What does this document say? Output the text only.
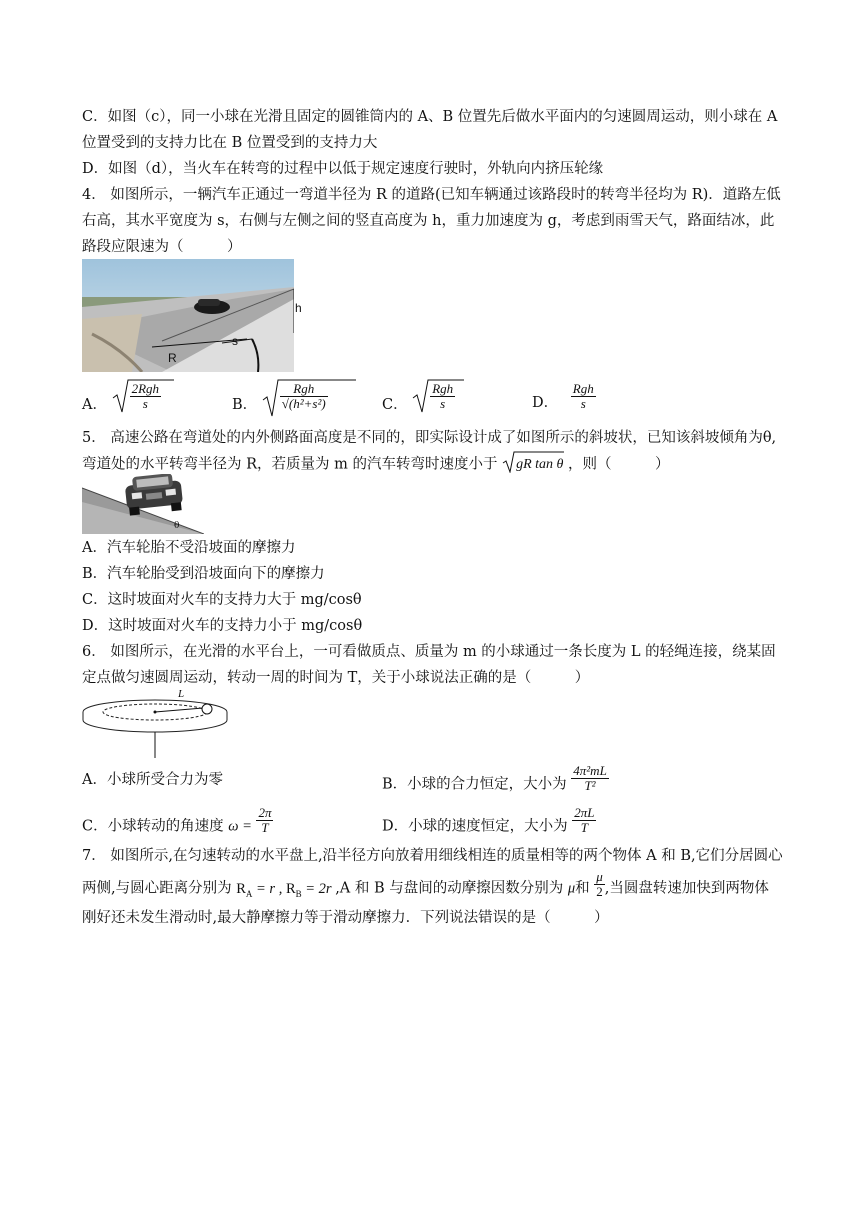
C．如图（c），同一小球在光滑且固定的圆锥筒内的 A、B 位置先后做水平面内的匀速圆周运动，则小球在 A
位置受到的支持力比在 B 位置受到的支持力大
D．如图（d），当火车在转弯的过程中以低于规定速度行驶时，外轨向内挤压轮缘
4． 如图所示，一辆汽车正通过一弯道半径为 R 的道路(已知车辆通过该路段时的转弯半径均为 R)．道路左低
右高，其水平宽度为 s，右侧与左侧之间的竖直高度为 h，重力加速度为 g，考虑到雨雪天气，路面结冰，此
路段应限速为（　　　）
R
s
h
A． $\frac{\text{2Rgh}}{s}$	B． $\frac{\text{Rgh}}{\text{√(h²+s²)}}$	C． $\frac{\text{Rgh}}{s}$	D． $\frac{\text{Rgh}}{s}$
5． 高速公路在弯道处的内外侧路面高度是不同的，即实际设计成了如图所示的斜坡状，已知该斜坡倾角为θ,
弯道处的水平转弯半径为 R，若质量为 m 的汽车转弯时速度小于 gR tan θ ，则（　　　）
θ
A．汽车轮胎不受沿坡面的摩擦力
B．汽车轮胎受到沿坡面向下的摩擦力
C．这时坡面对火车的支持力大于 mg/cosθ
D．这时坡面对火车的支持力小于 mg/cosθ
6． 如图所示，在光滑的水平台上，一可看做质点、质量为 m 的小球通过一条长度为 L 的轻绳连接，绕某固
定点做匀速圆周运动，转动一周的时间为 T，关于小球说法正确的是（　　　）
L
A．小球所受合力为零	B．小球的合力恒定，大小为 $\frac{\text{4π²mL}}{\text{T²}}$
C．小球转动的角速度 $\omega = \frac{2\pi}{T}$	D．小球的速度恒定，大小为 $\frac{2\pi L}{T}$
7． 如图所示,在匀速转动的水平盘上,沿半径方向放着用细线相连的质量相等的两个物体 A 和 B,它们分居圆心
两侧,与圆心距离分别为 $R_A = r$ , $R_B = 2r$ ,A 和 B 与盘间的动摩擦因数分别为 μ和 $\frac{\mu}{2}$ ,当圆盘转速加快到两物体
刚好还未发生滑动时,最大静摩擦力等于滑动摩擦力．下列说法错误的是（　　　）
